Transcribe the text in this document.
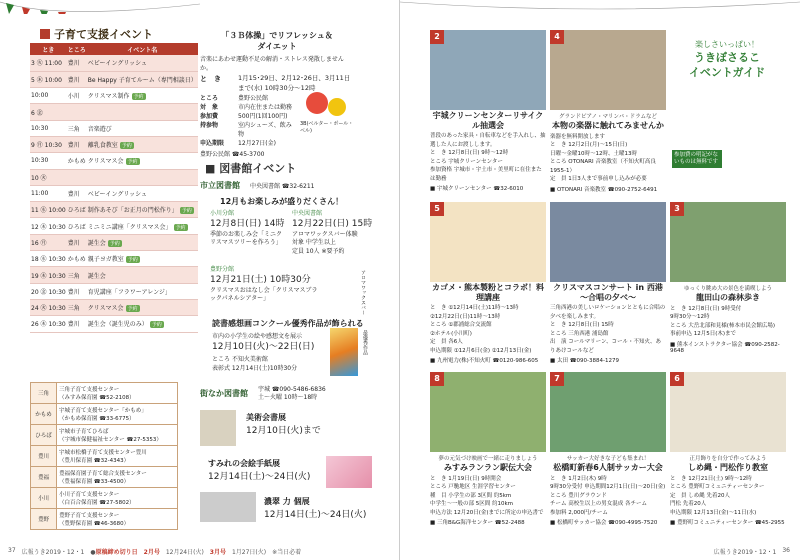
子育て支援イベント
とき	ところ	イベント名
3 ㊋ 11:00	豊川	ベビーイングリッシュ
5 ㊍ 10:00	豊川	Be Happy 子育てルーム（専門相談日）
10:00	小川	クリスマス制作 予約
6 ㊎		
10:30	三角	音楽遊び
9 ㊊ 10:30	豊川	離乳食教室 予約
10:30	かもめ	クリスマス会 予約
10 ㊋		
11:00	豊川	ベビーイングリッシュ
11 ㊌ 10:00	ひろば	制作あそび「お正月の門松作り」 予約
12 ㊍ 10:30	ひろば	ミニミニ講座「クリスマス会」 予約
16 ㊊	豊川	誕生会 予約
18 ㊌ 10:30	かもめ	親子ヨガ教室 予約
19 ㊍ 10:30	三角	誕生会
20 ㊎ 10:30	豊川	育児講座「フラワーアレンジ」
24 ㊋ 10:30	三角	クリスマス会 予約
26 ㊍ 10:30	豊川	誕生会（誕生児のみ） 予約
三角	三角子育て支援センター
（みすみ保育園 ☎52-2108）
かもめ	宇城子育て支援センター「かもめ」
（かもめ保育園 ☎33-6775）
ひろば	宇城市子育てひろば
（宇城市保健福祉センター ☎27-5353）
豊川	宇城市松橋子育て支援センター豊川
（豊川保育園 ☎32-4343）
豊福	豊福保育園子育て総合支援センター
（豊福保育園 ☎33-4500）
小川	小川子育て支援センター
（白百合保育園 ☎27-5802）
豊野	豊野子育て支援センター
（豊野保育園 ☎46-3680）
「３Ｂ体操」でリフレッシュ＆ダイエット
音楽にあわせ運動不足の解消・ストレス発散しませんか。
と　き	1月15･29日、2月12･26日、3月11日 まで(水) 10時30分～12時
ところ	豊野公民館
対　象	市内在住または勤務
参加費	500円(1回100円)
持参物	室内シューズ、飲み物
申込期限	12月27日(金)
豊野公民館 ☎45-3700
3B(ベルター・ボール・ベル)
■ 図書館イベント
市立図書館 中央図書館 ☎32-6211
12月もお楽しみが盛りだくさん！
小川分館
12月8日(日) 14時
季節のお楽しみ会「ミニクリスマスツリーを作ろう」
中央図書館
12月22日(日) 15時
アロマワックスバー体験
対象 中学生以上
定員 10人 ※要予約
豊野分館
12月21日(土) 10時30分
クリスマスおはなし会「クリスマスブラックパネルシアター」	アロマワックスバー
読書感想画コンクール優秀作品が飾られる
市内の小学生の絵や感想文を展示
12月10日(火)～22日(日)
ところ 不知火美術館
表彰式 12月14日(土)10時30分
最優秀作品
街なか図書館 宇城 ☎090-5486-6836
土～火曜 10時～18時
美術会書展
12月10日(火)まで
すみれの会絵手紙展
12月14日(土)～24日(火)
濃翠 力 個展
12月14日(土)～24日(火)
37 広報うき2019・12・1 ●原稿締め切り日 2月号 12月24日(火) 3月号 1月27日(火) ※当日必着
楽しさいっぱい！
うきぼさるこ
イベントガイド
参加費の明記がないものは無料です
2
宇城クリーンセンターリサイクル抽選会
普段のあった家具・自転車などを手入れし、抽選した人にお渡しします。
と　き 12月8日(日) 9時～12時
ところ 宇城クリーンセンター
参加資格 宇城市・宇土市・美里町に在住または勤務
■ 宇城クリーンセンター ☎32-6010
4
グランドピアノ・マリンバ・ドラムなど
本物の楽器に触れてみませんか
楽器を無料開放します
と　き 12月2日(月)～15日(日)
日曜～金曜10時～12時、土曜13時
ところ OTONARI 音楽教室（不知火町高良1955-1）
定　員 1日3人まで事前申し込みが必要
■ OTONARI 音楽教室 ☎090-2752-6491
5
カゴメ・熊本製粉とコラボ！料理講座
と　き ①12月14日(土)11時～13時
②12月22日(日)11時～13時
ところ ①郡浦総合交流館
②ホテル(小川町)
定　員 各6人
申込期限 ①12月6日(金) ②12月13日(金)
■ 九州電力(株)不知火町 ☎0120-986-605
クリスマスコンサート in 西港～合唱の夕べ～
三角西港の美しいロケーションとともに合唱の夕べを楽しみます。
と　き 12月8日(日) 15時
ところ 三角西港 浦島館
出　演 コールマリーン、コール・不知火、ありあけコールなど
■ 太田 ☎090-3884-1279
3
ゆっくり眺め大の景色を満喫しよう
龍田山の森林歩き
と　き 12月8日(日) 9時受付
9時30分～12時
ところ 大岳北部和見様(柿本市民会館広場)
事前申込 12月5日(木)まで
■ 熊本インストラクター協会 ☎090-2582-9648
8
夢の元気づけ映画で一緒に走りましょう
みすみランラン駅伝大会
と　き 1月19日(日) 9時開会
ところ 戸馳地区 生涯学習センター
種　目 小学生の部 3区間 約5km
中学生～一般の部 5区間 約10km
申込方法 12月20日(金)までに所定の申込書で
■ 三角B&G海洋センター ☎52-2488
7
サッカー大好きな子ども集まれ！
松橋町新春6人制サッカー大会
と　き 1月2日(木) 9時
9時30分受付 申込期間12月1日(日)～20日(金)
ところ 豊川グラウンド
チーム 高校生以上の男女混成 各チーム
参加料 2,000円/チーム
■ 松橋町サッカー協会 ☎090-4995-7520
6
正月飾りを自分で作ってみよう
しめ縄・門松作り教室
と　き 12月21日(土) 9時～12時
ところ 豊野町コミュニティーセンター
定　員 しめ縄 先着20人
門松 先着20人
申込期限 12月13日(金)～11日(水)
■ 豊野町コミュニティーセンター ☎45-2955
広報うき2019・12・1 36
